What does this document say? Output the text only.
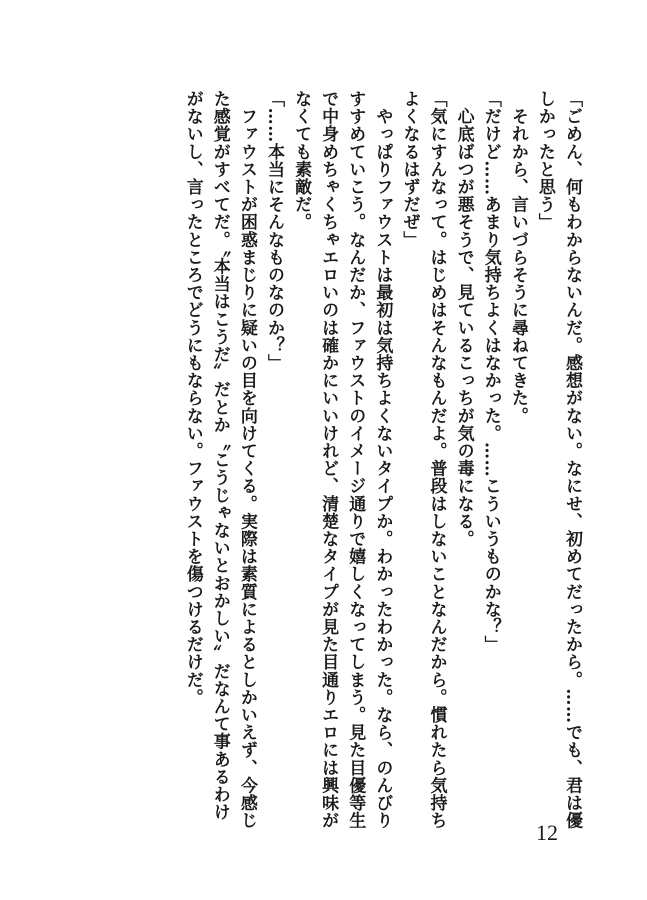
「ごめん、何もわからないんだ。感想がない。なにせ、初めてだったから。……でも、君は優

しかったと思う」

　それから、言いづらそうに尋ねてきた。

「だけど……あまり気持ちよくはなかった。……こういうものかな？」

　心底ばつが悪そうで、見ているこっちが気の毒になる。

「気にすんなって。はじめはそんなもんだよ。普段はしないことなんだから。慣れたら気持ち

よくなるはずだぜ」

　やっぱりファウストは最初は気持ちよくないタイプか。わかったわかった。なら、のんびり

すすめていこう。なんだか、ファウストのイメージ通りで嬉しくなってしまう。見た目優等生

で中身めちゃくちゃエロいのは確かにいいけれど、清楚なタイプが見た目通りエロには興味が

なくても素敵だ。

「……本当にそんなものなのか？」

　ファウストが困惑まじりに疑いの目を向けてくる。実際は素質によるとしかいえず、今感じ

た感覚がすべてだ。〝本当はこうだ〟だとか〝こうじゃないとおかしい〟だなんて事あるわけ

がないし、言ったところでどうにもならない。ファウストを傷つけるだけだ。

12
